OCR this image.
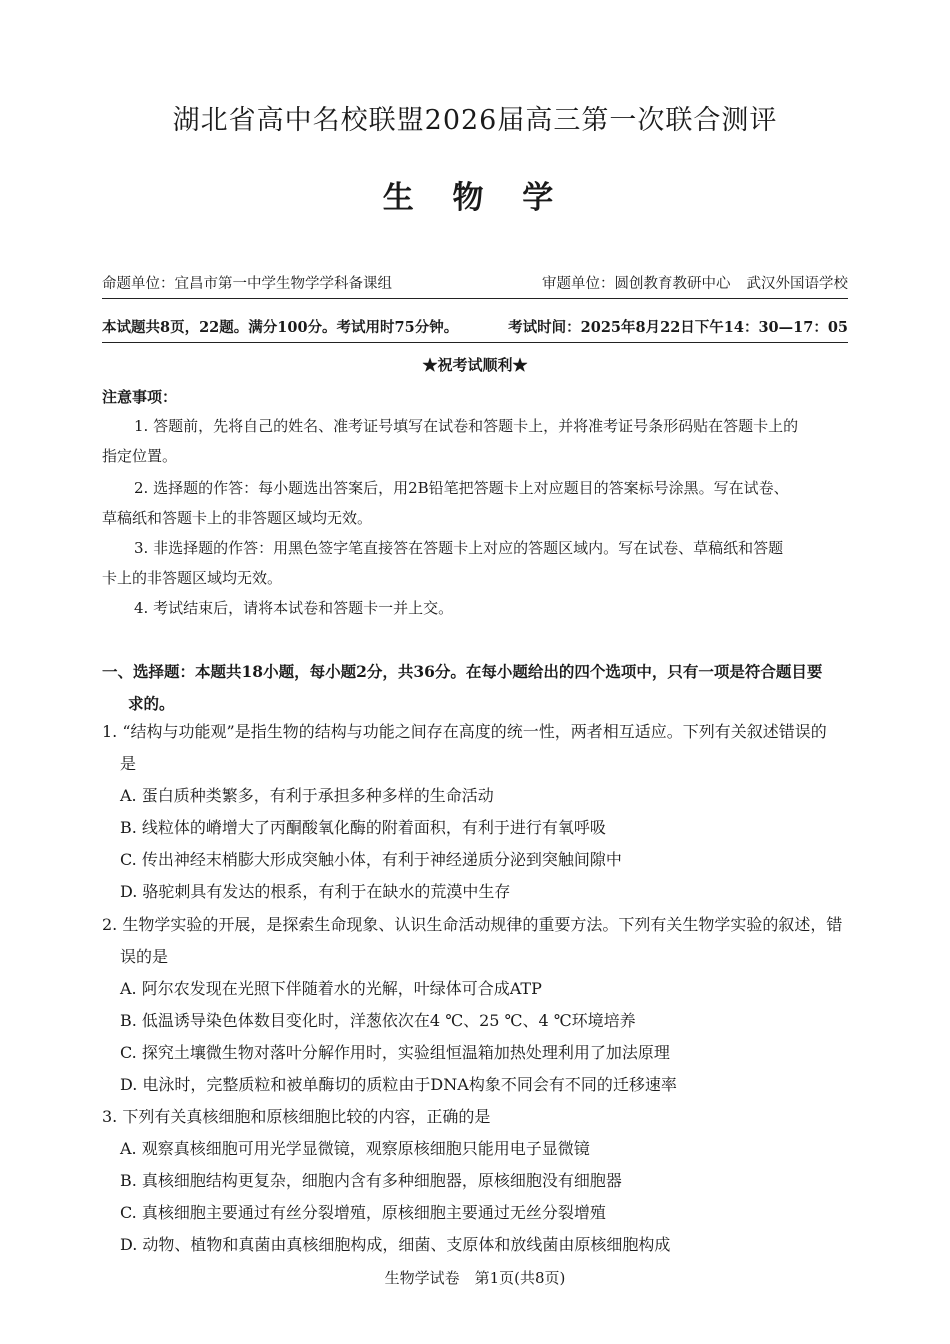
湖北省高中名校联盟2026届高三第一次联合测评
生 物 学
命题单位：宜昌市第一中学生物学学科备课组	审题单位：圆创教育教研中心 武汉外国语学校
本试题共8页，22题。满分100分。考试用时75分钟。	考试时间：2025年8月22日下午14：30—17：05
★祝考试顺利★
注意事项：
1. 答题前，先将自己的姓名、准考证号填写在试卷和答题卡上，并将准考证号条形码贴在答题卡上的
指定位置。
2. 选择题的作答：每小题选出答案后，用2B铅笔把答题卡上对应题目的答案标号涂黑。写在试卷、
草稿纸和答题卡上的非答题区域均无效。
3. 非选择题的作答：用黑色签字笔直接答在答题卡上对应的答题区域内。写在试卷、草稿纸和答题
卡上的非答题区域均无效。
4. 考试结束后，请将本试卷和答题卡一并上交。
一、选择题：本题共18小题，每小题2分，共36分。在每小题给出的四个选项中，只有一项是符合题目要
求的。
1. “结构与功能观”是指生物的结构与功能之间存在高度的统一性，两者相互适应。下列有关叙述错误的
是
A. 蛋白质种类繁多，有利于承担多种多样的生命活动
B. 线粒体的嵴增大了丙酮酸氧化酶的附着面积，有利于进行有氧呼吸
C. 传出神经末梢膨大形成突触小体，有利于神经递质分泌到突触间隙中
D. 骆驼刺具有发达的根系，有利于在缺水的荒漠中生存
2. 生物学实验的开展，是探索生命现象、认识生命活动规律的重要方法。下列有关生物学实验的叙述，错
误的是
A. 阿尔农发现在光照下伴随着水的光解，叶绿体可合成ATP
B. 低温诱导染色体数目变化时，洋葱依次在4 ℃、25 ℃、4 ℃环境培养
C. 探究土壤微生物对落叶分解作用时，实验组恒温箱加热处理利用了加法原理
D. 电泳时，完整质粒和被单酶切的质粒由于DNA构象不同会有不同的迁移速率
3. 下列有关真核细胞和原核细胞比较的内容，正确的是
A. 观察真核细胞可用光学显微镜，观察原核细胞只能用电子显微镜
B. 真核细胞结构更复杂，细胞内含有多种细胞器，原核细胞没有细胞器
C. 真核细胞主要通过有丝分裂增殖，原核细胞主要通过无丝分裂增殖
D. 动物、植物和真菌由真核细胞构成，细菌、支原体和放线菌由原核细胞构成
生物学试卷　第1页(共8页)
